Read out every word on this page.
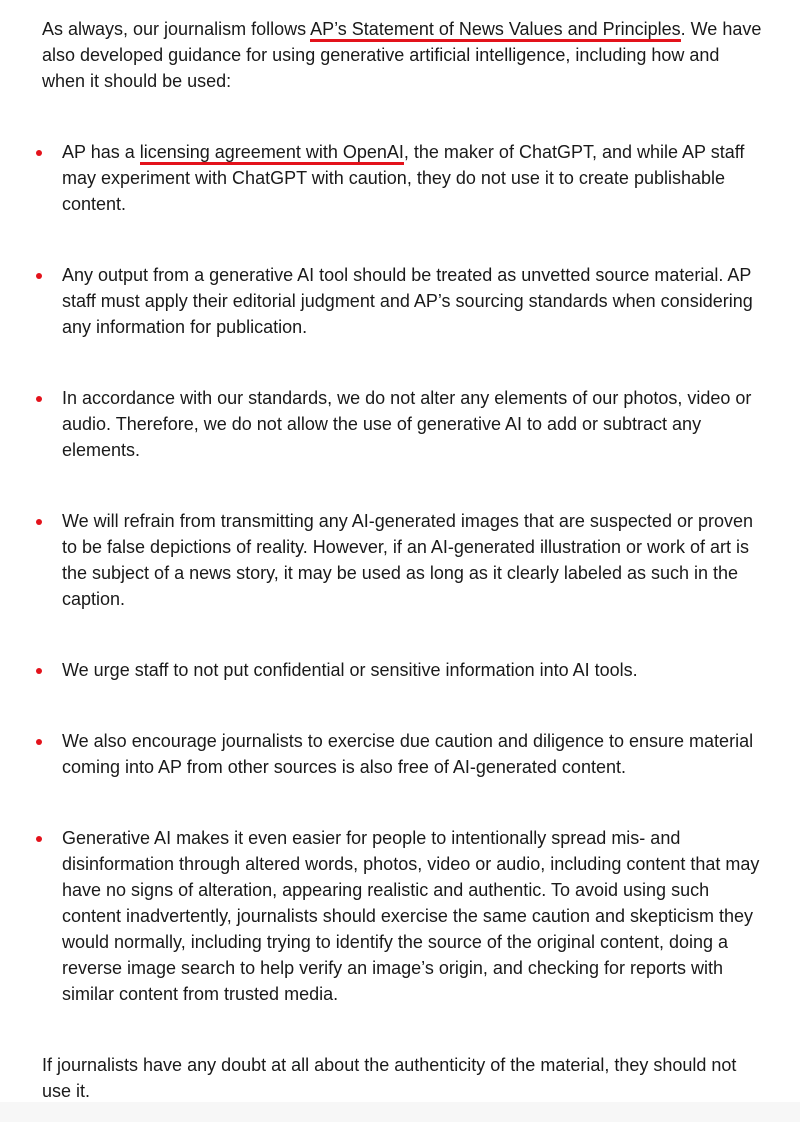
As always, our journalism follows AP’s Statement of News Values and Principles. We have also developed guidance for using generative artificial intelligence, including how and when it should be used:

AP has a licensing agreement with OpenAI, the maker of ChatGPT, and while AP staff may experiment with ChatGPT with caution, they do not use it to create publishable content.
Any output from a generative AI tool should be treated as unvetted source material. AP staff must apply their editorial judgment and AP’s sourcing standards when considering any information for publication.
In accordance with our standards, we do not alter any elements of our photos, video or audio. Therefore, we do not allow the use of generative AI to add or subtract any elements.
We will refrain from transmitting any AI-generated images that are suspected or proven to be false depictions of reality. However, if an AI-generated illustration or work of art is the subject of a news story, it may be used as long as it clearly labeled as such in the caption.
We urge staff to not put confidential or sensitive information into AI tools.
We also encourage journalists to exercise due caution and diligence to ensure material coming into AP from other sources is also free of AI-generated content.
Generative AI makes it even easier for people to intentionally spread mis- and disinformation through altered words, photos, video or audio, including content that may have no signs of alteration, appearing realistic and authentic. To avoid using such content inadvertently, journalists should exercise the same caution and skepticism they would normally, including trying to identify the source of the original content, doing a reverse image search to help verify an image’s origin, and checking for reports with similar content from trusted media.

If journalists have any doubt at all about the authenticity of the material, they should not use it.
